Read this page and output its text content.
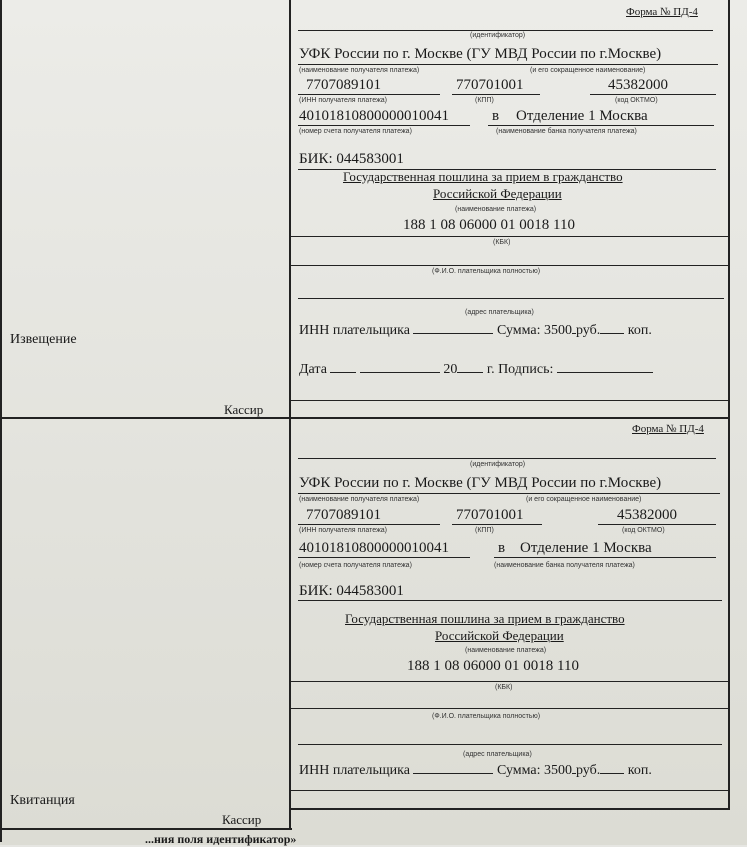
Извещение
Кассир
Квитанция
Кассир
Форма № ПД-4
(идентификатор)
УФК России по г. Москве (ГУ МВД России по г.Москве)
(наименование получателя платежа)	(и его сокращенное наименование)
7707089101	770701001	45382000
(ИНН получателя платежа)	(КПП)	(код ОКТМО)
40101810800000010041	в Отделение 1 Москва
(номер счета получателя платежа)	(наименование банка получателя платежа)
БИК: 044583001
Государственная пошлина за прием в гражданство
Российской Федерации
(наименование платежа)
188 1 08 06000 01 0018 110
(КБК)
(Ф.И.О. плательщика полностью)
(адрес плательщика)
ИНН плательщика	Сумма: 3500 руб. коп.
Дата	20 г. Подпись:
Форма № ПД-4
(идентификатор)
УФК России по г. Москве (ГУ МВД России по г.Москве)
(наименование получателя платежа)	(и его сокращенное наименование)
7707089101	770701001	45382000
(ИНН получателя платежа)	(КПП)	(код ОКТМО)
40101810800000010041	в Отделение 1 Москва
(номер счета получателя платежа)	(наименование банка получателя платежа)
БИК: 044583001
Государственная пошлина за прием в гражданство
Российской Федерации
(наименование платежа)
188 1 08 06000 01 0018 110
(КБК)
(Ф.И.О. плательщика полностью)
(адрес плательщика)
ИНН плательщика	Сумма: 3500 руб. коп.
...ния поля идентификатор»
